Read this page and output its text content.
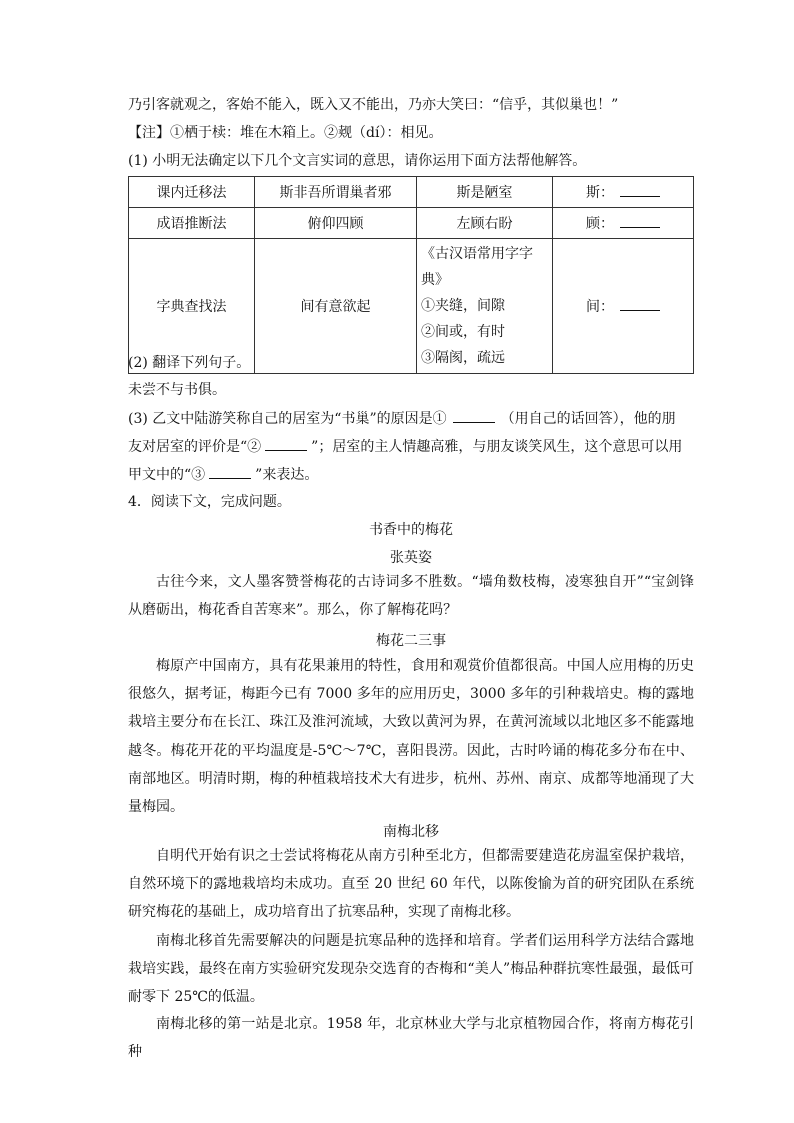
乃引客就观之，客始不能入，既入又不能出，乃亦大笑曰：“信乎，其似巢也！”
【注】①栖于椟：堆在木箱上。②觌（dí）：相见。
(1) 小明无法确定以下几个文言实词的意思，请你运用下面方法帮他解答。
课内迁移法	斯非吾所谓巢者邪	斯是陋室	斯：
成语推断法	俯仰四顾	左顾右盼	顾：
字典查找法	间有意欲起	《古汉语常用字字典》
①夹缝，间隙
②间或，有时
③隔阂，疏远	间：
(2) 翻译下列句子。
未尝不与书俱。
(3) 乙文中陆游笑称自己的居室为“书巢”的原因是①	（用自己的话回答），他的朋
友对居室的评价是“②	”；居室的主人情趣高雅，与朋友谈笑风生，这个意思可以用
甲文中的“③	”来表达。
4．阅读下文，完成问题。
书香中的梅花
张英姿
古往今来，文人墨客赞誉梅花的古诗词多不胜数。“墙角数枝梅，凌寒独自开”“宝剑锋从磨砺出，梅花香自苦寒来”。那么，你了解梅花吗？
梅花二三事
梅原产中国南方，具有花果兼用的特性，食用和观赏价值都很高。中国人应用梅的历史很悠久，据考证，梅距今已有 7000 多年的应用历史，3000 多年的引种栽培史。梅的露地栽培主要分布在长江、珠江及淮河流域，大致以黄河为界，在黄河流域以北地区多不能露地越冬。梅花开花的平均温度是-5℃～7℃，喜阳畏涝。因此，古时吟诵的梅花多分布在中、南部地区。明清时期，梅的种植栽培技术大有进步，杭州、苏州、南京、成都等地涌现了大量梅园。
南梅北移
自明代开始有识之士尝试将梅花从南方引种至北方，但都需要建造花房温室保护栽培，自然环境下的露地栽培均未成功。直至 20 世纪 60 年代，以陈俊愉为首的研究团队在系统研究梅花的基础上，成功培育出了抗寒品种，实现了南梅北移。
南梅北移首先需要解决的问题是抗寒品种的选择和培育。学者们运用科学方法结合露地栽培实践，最终在南方实验研究发现杂交选育的杏梅和“美人”梅品种群抗寒性最强，最低可耐零下 25℃的低温。
南梅北移的第一站是北京。1958 年，北京林业大学与北京植物园合作，将南方梅花引种
